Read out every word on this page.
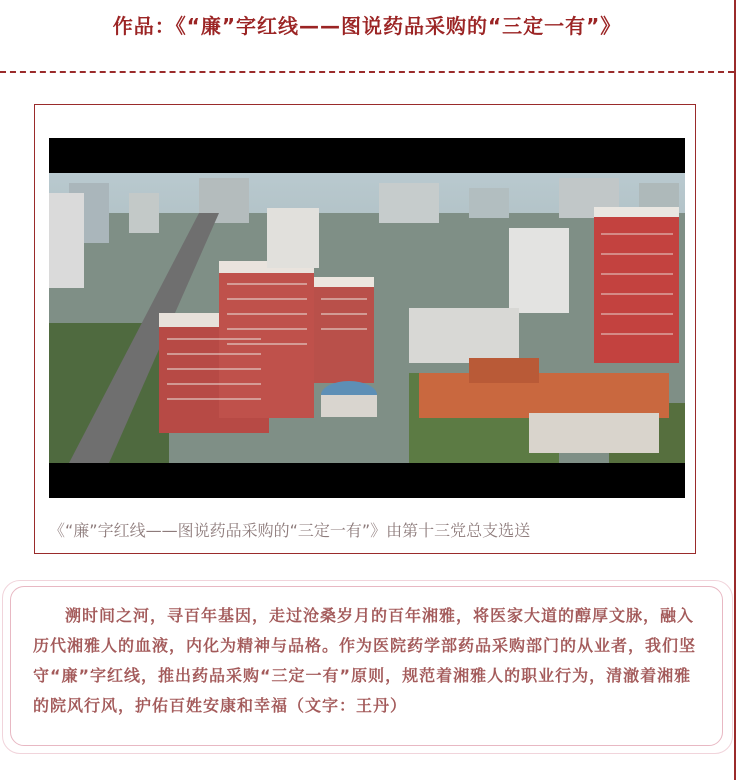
作品：《“廉”字红线——图说药品采购的“三定一有”》
《“廉”字红线——图说药品采购的“三定一有”》由第十三党总支选送
溯时间之河，寻百年基因，走过沧桑岁月的百年湘雅，将医家大道的醇厚文脉，融入历代湘雅人的血液，内化为精神与品格。作为医院药学部药品采购部门的从业者，我们坚守“廉”字红线，推出药品采购“三定一有”原则，规范着湘雅人的职业行为，清澈着湘雅的院风行风，护佑百姓安康和幸福（文字：王丹）
